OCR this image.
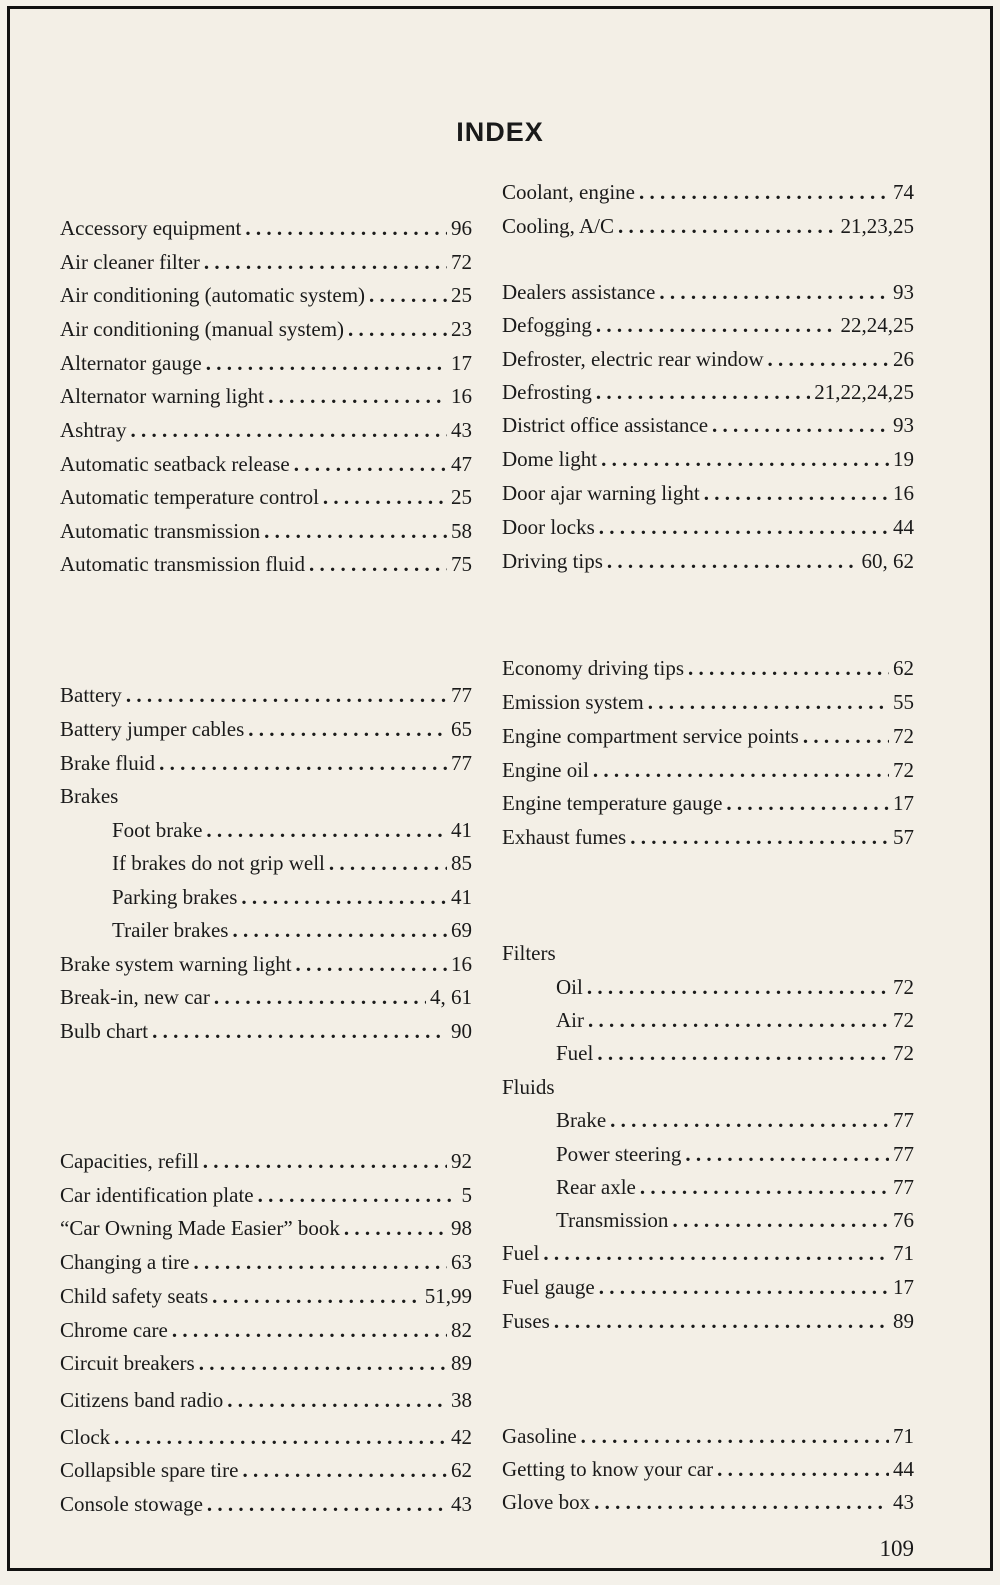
INDEX
Accessory equipment . . .	96
Air cleaner filter . . .	72
Air conditioning (automatic system) . . .	25
Air conditioning (manual system) . . .	23
Alternator gauge . . .	17
Alternator warning light . . .	16
Ashtray . . .	43
Automatic seatback release . . .	47
Automatic temperature control . . .	25
Automatic transmission . . .	58
Automatic transmission fluid . . .	75
Battery . . .	77
Battery jumper cables . . .	65
Brake fluid . . .	77
Brakes
Foot brake . . .	41
If brakes do not grip well . . .	85
Parking brakes . . .	41
Trailer brakes . . .	69
Brake system warning light . . .	16
Break-in, new car . . .	4, 61
Bulb chart . . .	90
Capacities, refill . . .	92
Car identification plate . . .	5
“Car Owning Made Easier” book . . .	98
Changing a tire . . .	63
Child safety seats . . .	51,99
Chrome care . . .	82
Circuit breakers . . .	89
Citizens band radio . . .	38
Clock . . .	42
Collapsible spare tire . . .	62
Console stowage . . .	43
Coolant, engine . . .	74
Cooling, A/C . . .	21,23,25
Dealers assistance . . .	93
Defogging . . .	22,24,25
Defroster, electric rear window . . .	26
Defrosting . . .	21,22,24,25
District office assistance . . .	93
Dome light . . .	19
Door ajar warning light . . .	16
Door locks . . .	44
Driving tips . . .	60, 62
Economy driving tips . . .	62
Emission system . . .	55
Engine compartment service points . . .	72
Engine oil . . .	72
Engine temperature gauge . . .	17
Exhaust fumes . . .	57
Filters
Oil . . .	72
Air . . .	72
Fuel . . .	72
Fluids
Brake . . .	77
Power steering . . .	77
Rear axle . . .	77
Transmission . . .	76
Fuel . . .	71
Fuel gauge . . .	17
Fuses . . .	89
Gasoline . . .	71
Getting to know your car . . .	44
Glove box . . .	43
109
